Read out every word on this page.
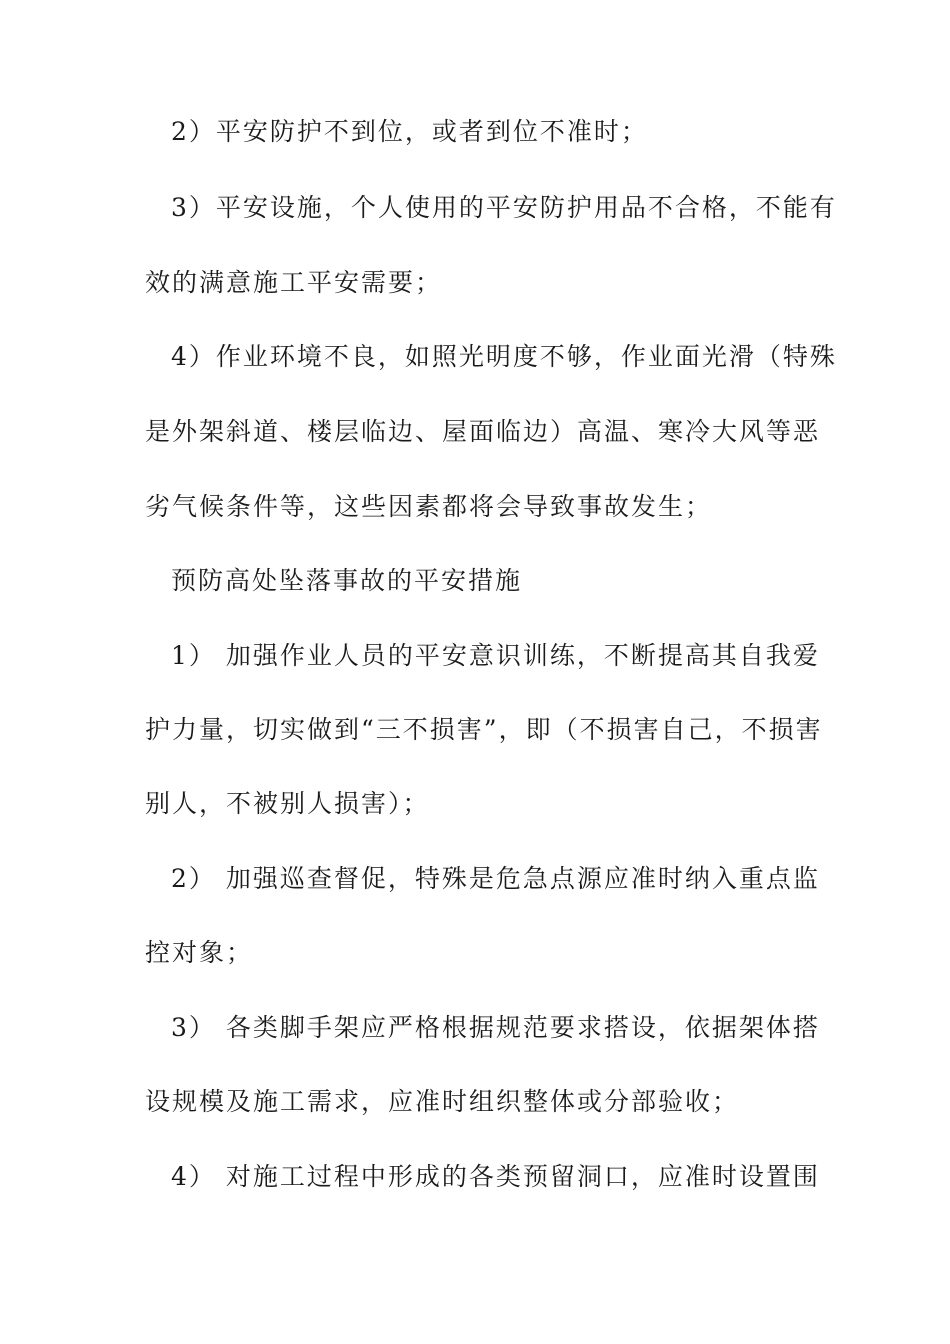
2）平安防护不到位，或者到位不准时；
3）平安设施，个人使用的平安防护用品不合格，不能有
效的满意施工平安需要；
4）作业环境不良，如照光明度不够，作业面光滑（特殊
是外架斜道、楼层临边、屋面临边）高温、寒冷大风等恶
劣气候条件等，这些因素都将会导致事故发生；
预防高处坠落事故的平安措施
1） 加强作业人员的平安意识训练，不断提高其自我爱
护力量，切实做到“三不损害”，即（不损害自己，不损害
别人，不被别人损害）；
2） 加强巡查督促，特殊是危急点源应准时纳入重点监
控对象；
3） 各类脚手架应严格根据规范要求搭设，依据架体搭
设规模及施工需求，应准时组织整体或分部验收；
4） 对施工过程中形成的各类预留洞口，应准时设置围
